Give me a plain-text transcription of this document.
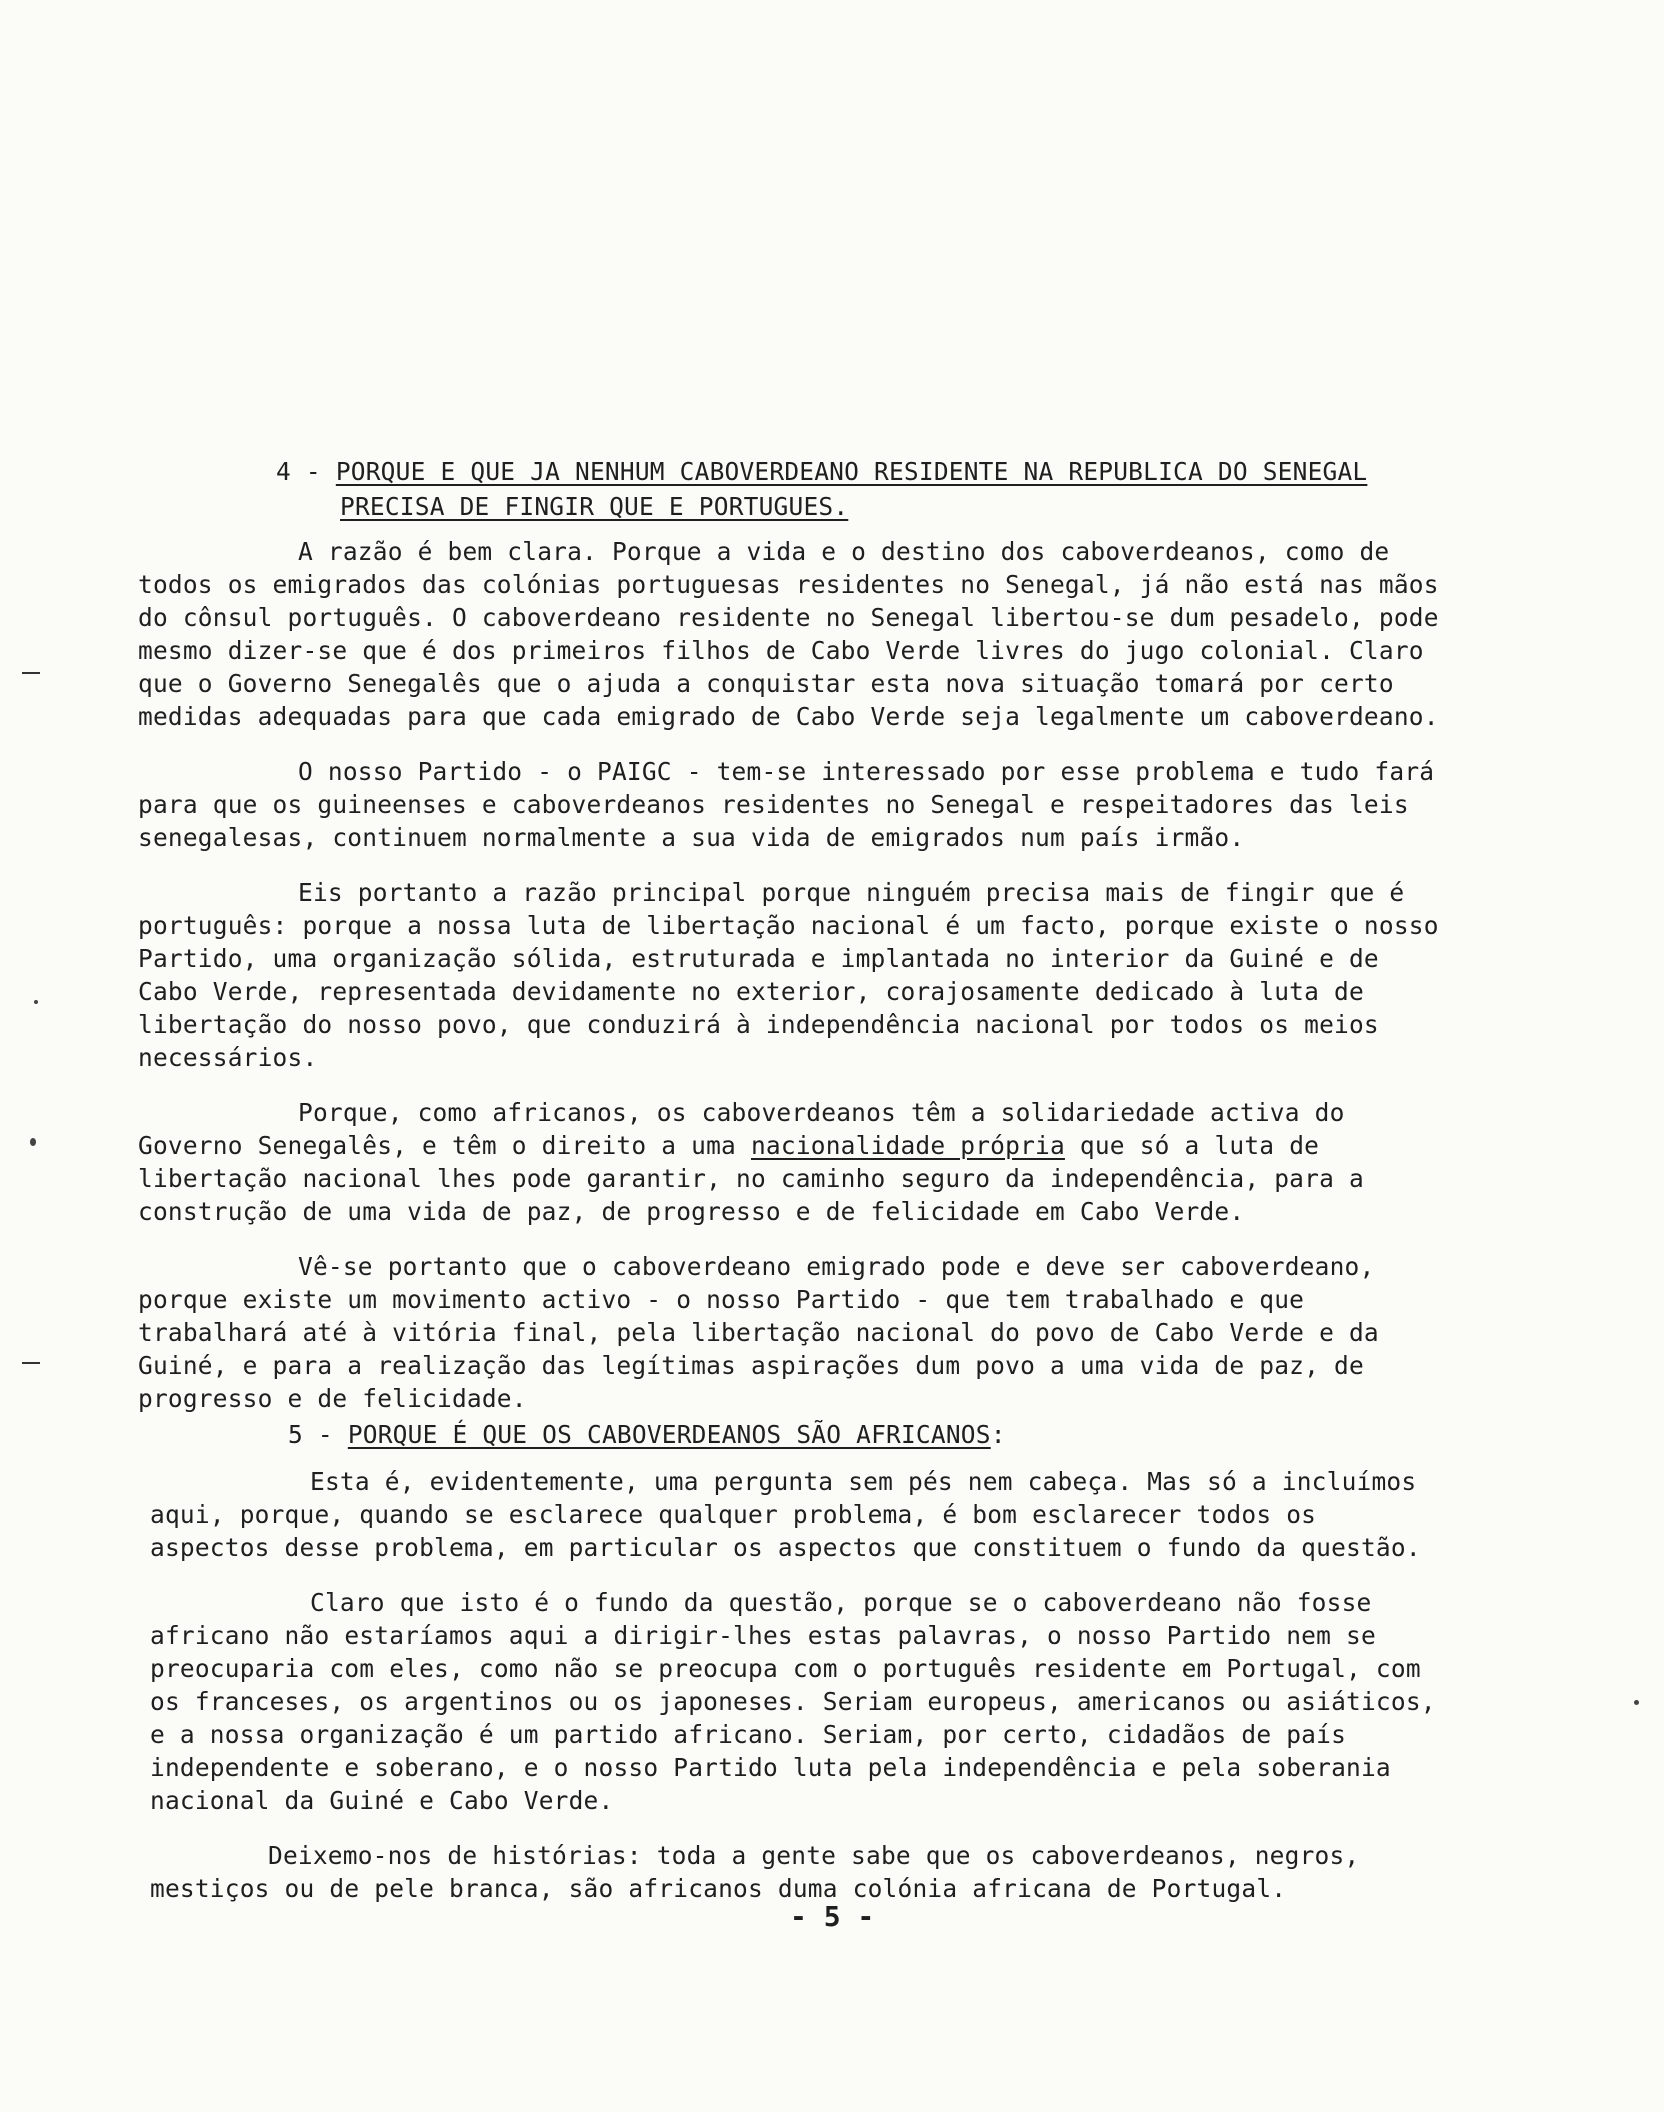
4 - PORQUE E QUE JA NENHUM CABOVERDEANO RESIDENTE NA REPUBLICA DO SENEGAL
PRECISA DE FINGIR QUE E PORTUGUES.

A razão é bem clara. Porque a vida e o destino dos caboverdeanos, como de todos os emigrados das colónias portuguesas residentes no Senegal, já não está nas mãos do cônsul português. O caboverdeano residente no Senegal libertou-se dum pesadelo, pode mesmo dizer-se que é dos primeiros filhos de Cabo Verde livres do jugo colonial. Claro que o Governo Senegalês que o ajuda a conquistar esta nova situação tomará por certo medidas adequadas para que cada emigrado de Cabo Verde seja legalmente um caboverdeano.

O nosso Partido - o PAIGC - tem-se interessado por esse problema e tudo fará para que os guineenses e caboverdeanos residentes no Senegal e respeitadores das leis senegalesas, continuem normalmente a sua vida de emigrados num país irmão.

Eis portanto a razão principal porque ninguém precisa mais de fingir que é português: porque a nossa luta de libertação nacional é um facto, porque existe o nosso Partido, uma organização sólida, estruturada e implantada no interior da Guiné e de Cabo Verde, representada devidamente no exterior, corajosamente dedicado à luta de libertação do nosso povo, que conduzirá à independência nacional por todos os meios necessários.

Porque, como africanos, os caboverdeanos têm a solidariedade activa do Governo Senegalês, e têm o direito a uma nacionalidade própria que só a luta de libertação nacional lhes pode garantir, no caminho seguro da independência, para a construção de uma vida de paz, de progresso e de felicidade em Cabo Verde.

Vê-se portanto que o caboverdeano emigrado pode e deve ser caboverdeano, porque existe um movimento activo - o nosso Partido - que tem trabalhado e que trabalhará até à vitória final, pela libertação nacional do povo de Cabo Verde e da Guiné, e para a realização das legítimas aspirações dum povo a uma vida de paz, de progresso e de felicidade.

5 - PORQUE É QUE OS CABOVERDEANOS SÃO AFRICANOS:

Esta é, evidentemente, uma pergunta sem pés nem cabeça. Mas só a incluímos aqui, porque, quando se esclarece qualquer problema, é bom esclarecer todos os aspectos desse problema, em particular os aspectos que constituem o fundo da questão.

Claro que isto é o fundo da questão, porque se o caboverdeano não fosse africano não estaríamos aqui a dirigir-lhes estas palavras, o nosso Partido nem se preocuparia com eles, como não se preocupa com o português residente em Portugal, com os franceses, os argentinos ou os japoneses. Seriam europeus, americanos ou asiáticos, e a nossa organização é um partido africano. Seriam, por certo, cidadãos de país independente e soberano, e o nosso Partido luta pela independência e pela soberania nacional da Guiné e Cabo Verde.

Deixemo-nos de histórias: toda a gente sabe que os caboverdeanos, negros, mestiços ou de pele branca, são africanos duma colónia africana de Portugal.

- 5 -
